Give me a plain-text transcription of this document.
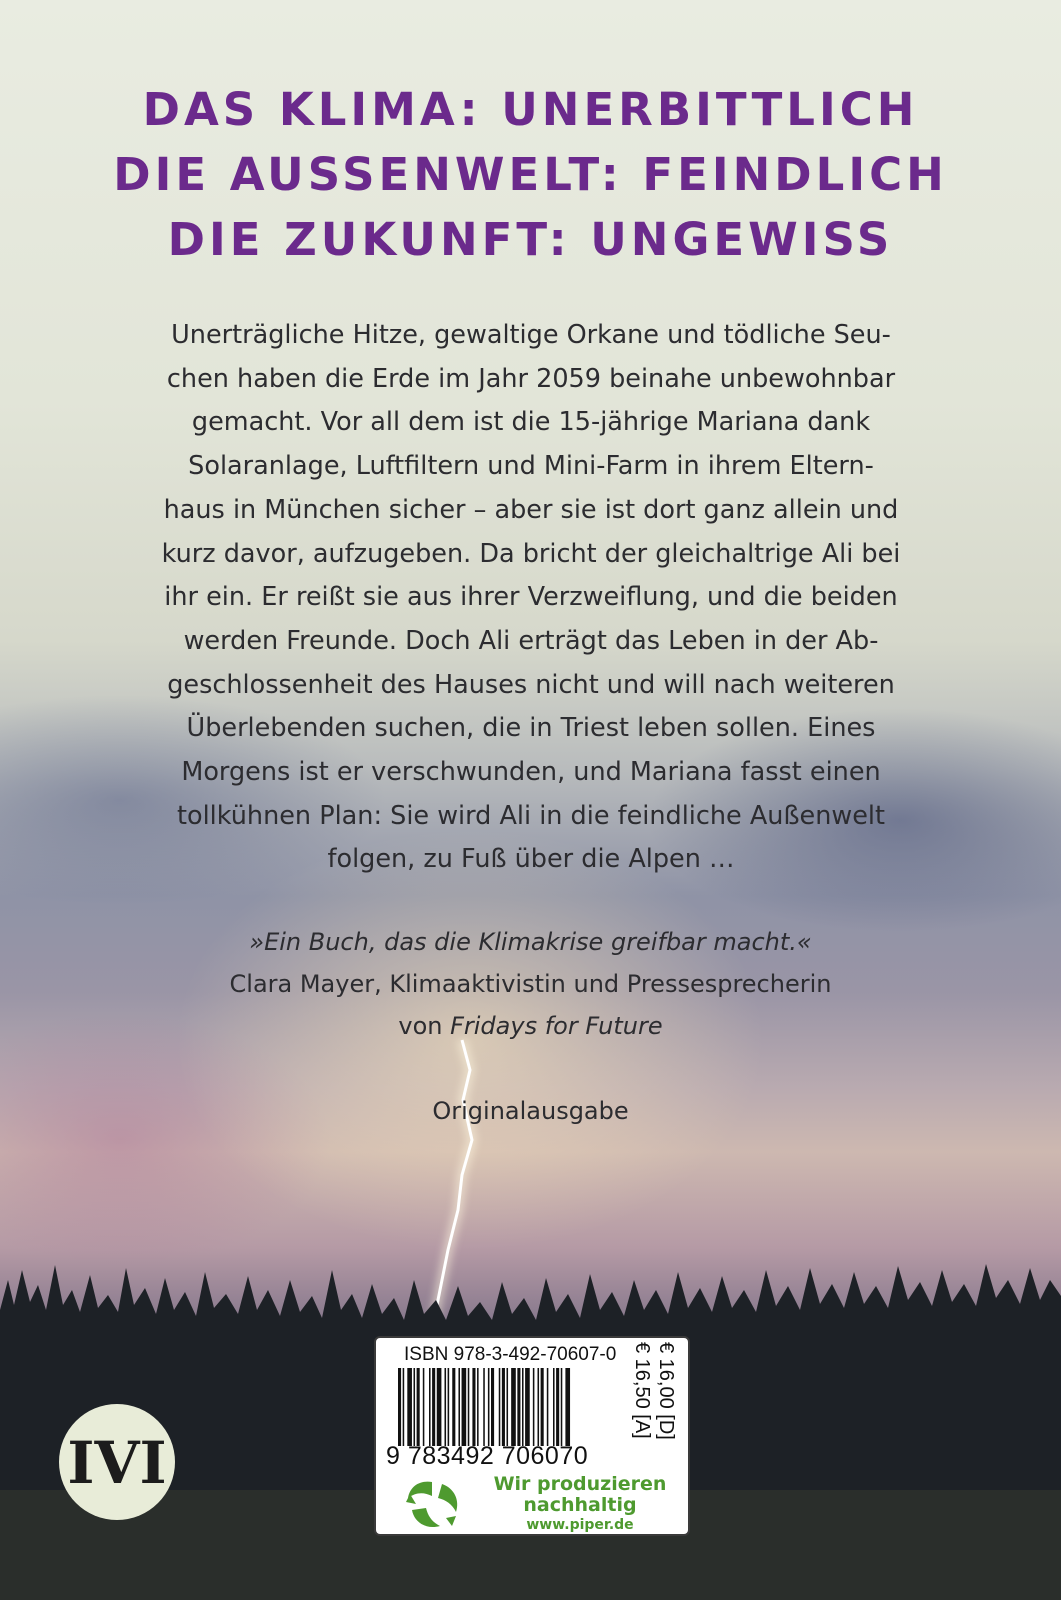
DAS KLIMA: UNERBITTLICH
DIE AUSSENWELT: FEINDLICH
DIE ZUKUNFT: UNGEWISS

Unerträgliche Hitze, gewaltige Orkane und tödliche Seu-
chen haben die Erde im Jahr 2059 beinahe unbewohnbar
gemacht. Vor all dem ist die 15-jährige Mariana dank
Solaranlage, Luftfiltern und Mini-Farm in ihrem Eltern-
haus in München sicher – aber sie ist dort ganz allein und
kurz davor, aufzugeben. Da bricht der gleichaltrige Ali bei
ihr ein. Er reißt sie aus ihrer Verzweiflung, und die beiden
werden Freunde. Doch Ali erträgt das Leben in der Ab-
geschlossenheit des Hauses nicht und will nach weiteren
Überlebenden suchen, die in Triest leben sollen. Eines
Morgens ist er verschwunden, und Mariana fasst einen
tollkühnen Plan: Sie wird Ali in die feindliche Außenwelt
folgen, zu Fuß über die Alpen …

»Ein Buch, das die Klimakrise greifbar macht.«

Clara Mayer, Klimaaktivistin und Pressesprecherin

von Fridays for Future

Originalausgabe

IVI

ISBN 978-3-492-70607-0

9 783492 706070

€ 16,00 [D]
€ 16,50 [A]

Wir produzieren
nachhaltig
www.piper.de
